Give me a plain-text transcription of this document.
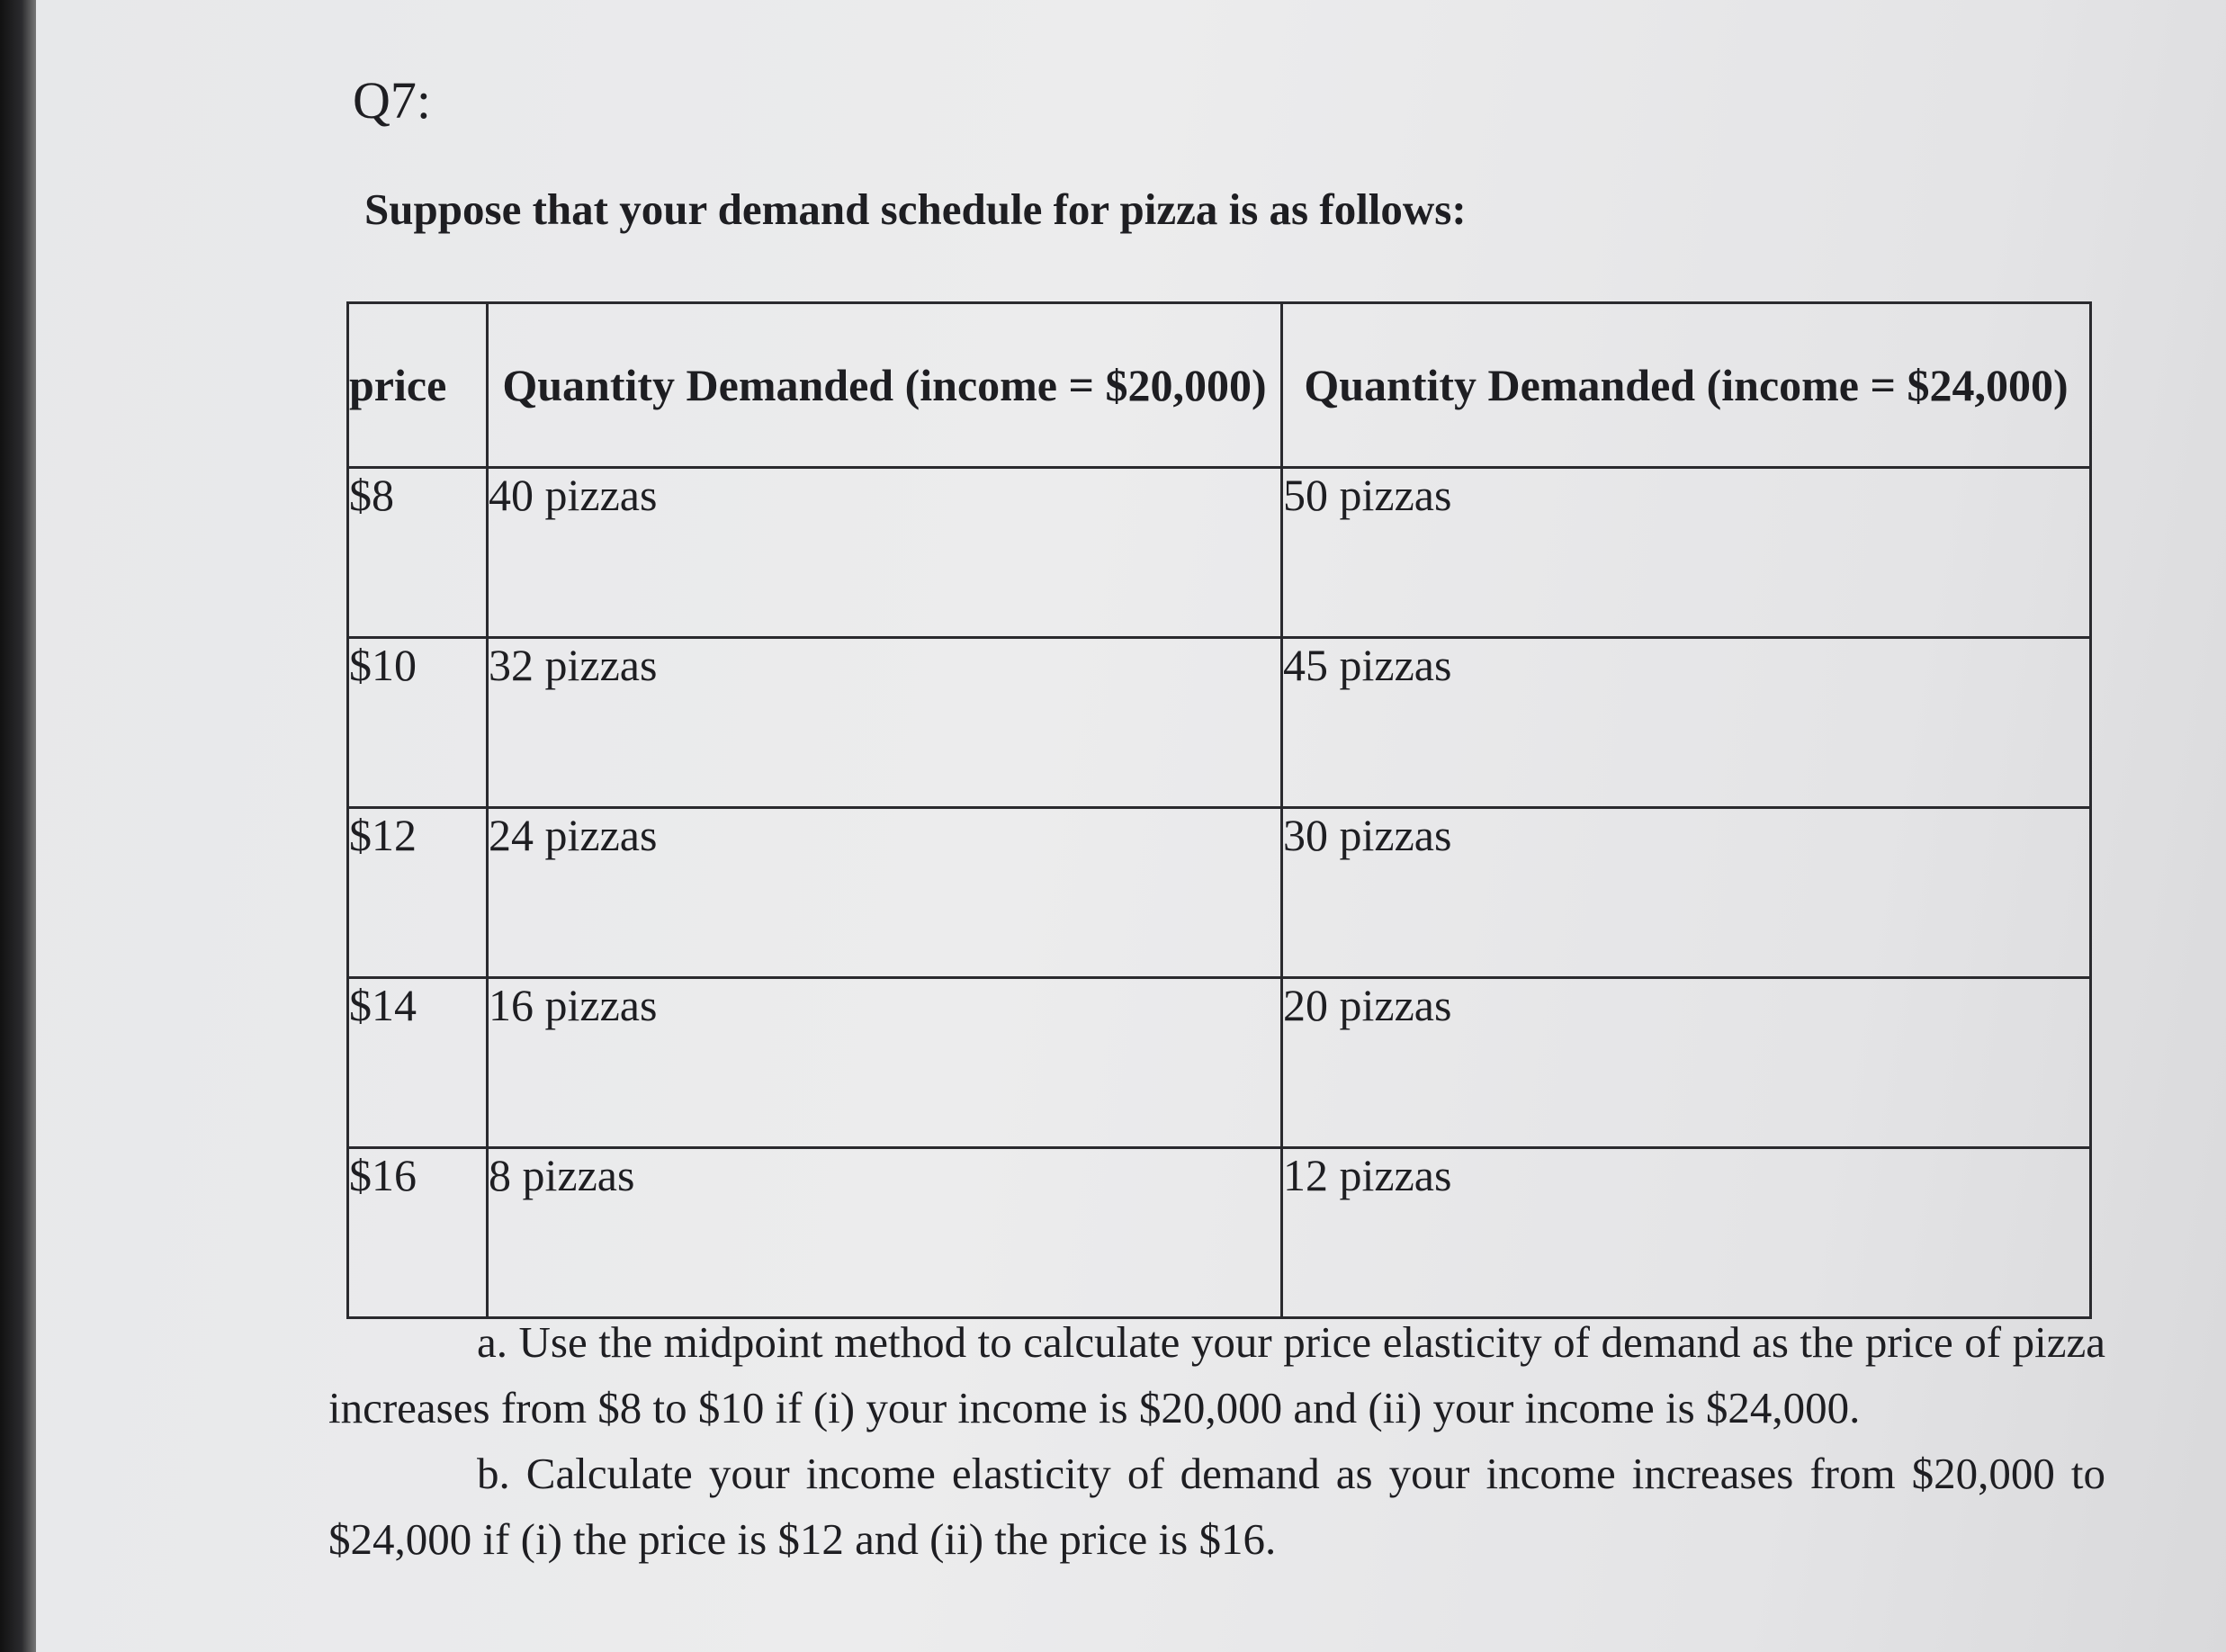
Q7:
Suppose that your demand schedule for pizza is as follows:
price	Quantity Demanded (income = $20,000)	Quantity Demanded (income = $24,000)
$8	40 pizzas	50 pizzas
$10	32 pizzas	45 pizzas
$12	24 pizzas	30 pizzas
$14	16 pizzas	20 pizzas
$16	8 pizzas	12 pizzas

a. Use the midpoint method to calculate your price elasticity of demand as the price of pizza increases from $8 to $10 if (i) your income is $20,000 and (ii) your income is $24,000.

b. Calculate your income elasticity of demand as your income increases from $20,000 to $24,000 if (i) the price is $12 and (ii) the price is $16.
